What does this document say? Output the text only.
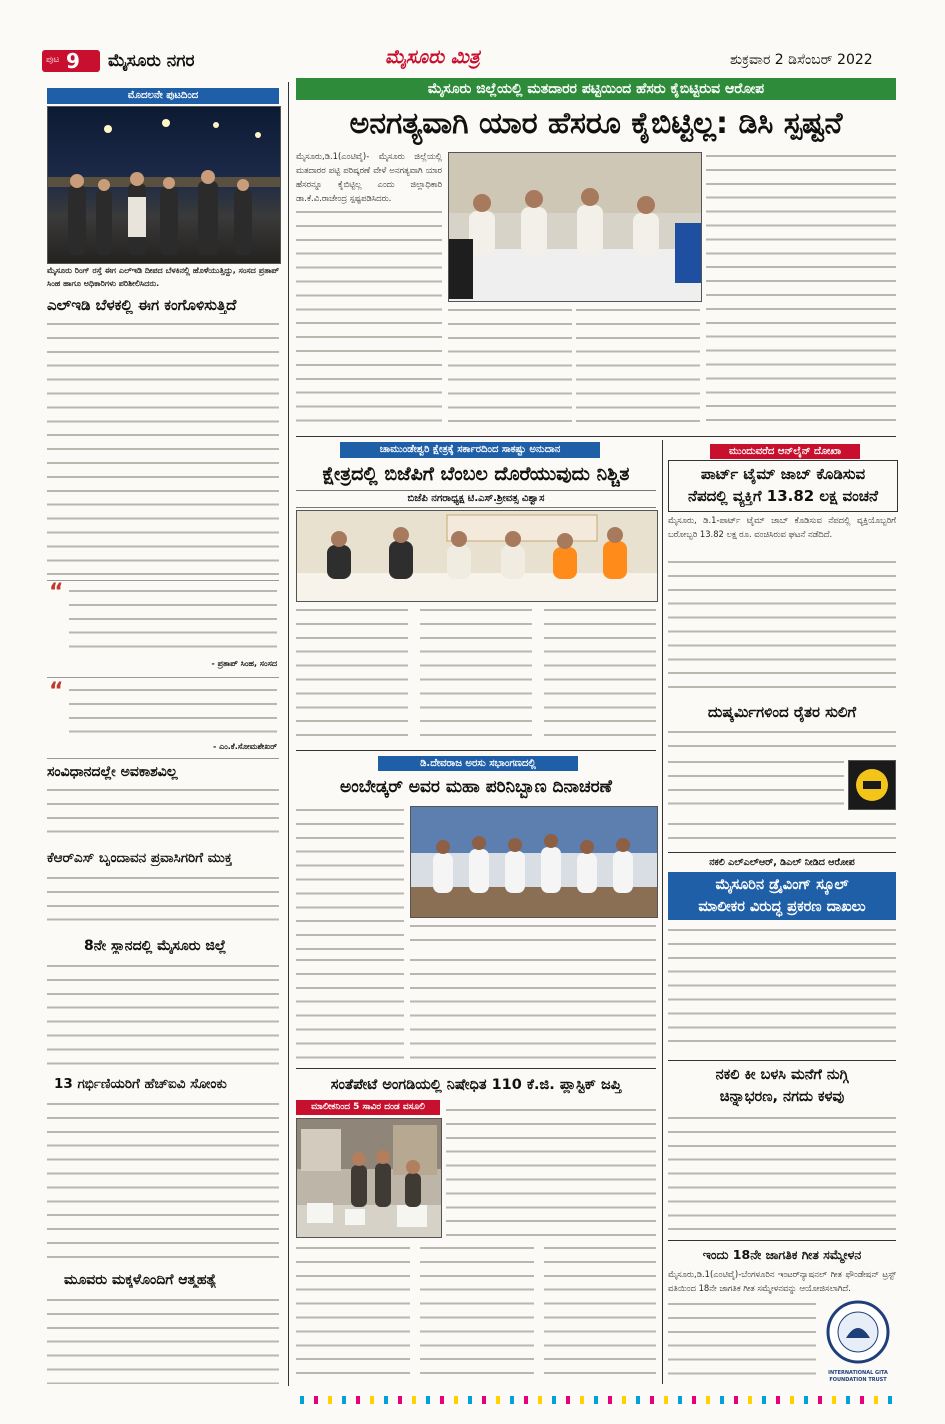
ಪುಟ 9 ಮೈಸೂರು ನಗರ	ಮೈಸೂರು ಮಿತ್ರ	ಶುಕ್ರವಾರ 2 ಡಿಸೆಂಬರ್ 2022
ಮೊದಲನೇ ಪುಟದಿಂದ
ಮೈಸೂರು ರಿಂಗ್ ರಸ್ತೆ ಈಗ ಎಲ್‌ಇಡಿ ದೀಪದ ಬೆಳಕಿನಲ್ಲಿ ಹೊಳೆಯುತ್ತಿದ್ದು, ಸಂಸದ ಪ್ರತಾಪ್ ಸಿಂಹ ಹಾಗೂ ಅಧಿಕಾರಿಗಳು ಪರಿಶೀಲಿಸಿದರು.
ಎಲ್‌ಇಡಿ ಬೆಳಕಲ್ಲಿ ಈಗ ಕಂಗೊಳಿಸುತ್ತಿದೆ
“
- ಪ್ರತಾಪ್ ಸಿಂಹ, ಸಂಸದ
“
- ಎಂ.ಕೆ.ಸೋಮಶೇಖರ್
ಸಂವಿಧಾನದಲ್ಲೇ ಅವಕಾಶವಿಲ್ಲ
ಕೆಆರ್‌ಎಸ್ ಬೃಂದಾವನ ಪ್ರವಾಸಿಗರಿಗೆ ಮುಕ್ತ
8ನೇ ಸ್ಥಾನದಲ್ಲಿ ಮೈಸೂರು ಜಿಲ್ಲೆ
13 ಗರ್ಭಿಣಿಯರಿಗೆ ಹೆಚ್‌ಐವಿ ಸೋಂಕು
ಮೂವರು ಮಕ್ಕಳೊಂದಿಗೆ ಆತ್ಮಹತ್ಯೆ
ಮೈಸೂರು ಜಿಲ್ಲೆಯಲ್ಲಿ ಮತದಾರರ ಪಟ್ಟಿಯಿಂದ ಹೆಸರು ಕೈಬಿಟ್ಟಿರುವ ಆರೋಪ
ಅನಗತ್ಯವಾಗಿ ಯಾರ ಹೆಸರೂ ಕೈಬಿಟ್ಟಿಲ್ಲ: ಡಿಸಿ ಸ್ಪಷ್ಟನೆ
ಮೈಸೂರು,ಡಿ.1(ಎಂಟಿವೈ)- ಮೈಸೂರು ಜಿಲ್ಲೆಯಲ್ಲಿ ಮತದಾರರ ಪಟ್ಟಿ ಪರಿಷ್ಕರಣೆ ವೇಳೆ ಅನಗತ್ಯವಾಗಿ ಯಾರ ಹೆಸರನ್ನೂ ಕೈಬಿಟ್ಟಿಲ್ಲ ಎಂದು ಜಿಲ್ಲಾಧಿಕಾರಿ ಡಾ.ಕೆ.ವಿ.ರಾಜೇಂದ್ರ ಸ್ಪಷ್ಟಪಡಿಸಿದರು.
ಚಾಮುಂಡೇಶ್ವರಿ ಕ್ಷೇತ್ರಕ್ಕೆ ಸರ್ಕಾರದಿಂದ ಸಾಕಷ್ಟು ಅನುದಾನ
ಕ್ಷೇತ್ರದಲ್ಲಿ ಬಿಜೆಪಿಗೆ ಬೆಂಬಲ ದೊರೆಯುವುದು ನಿಶ್ಚಿತ
ಬಿಜೆಪಿ ನಗರಾಧ್ಯಕ್ಷ ಟಿ.ಎಸ್.ಶ್ರೀವತ್ಸ ವಿಶ್ವಾಸ
ಡಿ.ದೇವರಾಜ ಅರಸು ಸಭಾಂಗಣದಲ್ಲಿ
ಅಂಬೇಡ್ಕರ್ ಅವರ ಮಹಾ ಪರಿನಿಬ್ಬಾಣ ದಿನಾಚರಣೆ
ಸಂತೆಪೇಟೆ ಅಂಗಡಿಯಲ್ಲಿ ನಿಷೇಧಿತ 110 ಕೆ.ಜಿ. ಪ್ಲಾಸ್ಟಿಕ್ ಜಪ್ತಿ
ಮಾಲೀಕನಿಂದ 5 ಸಾವಿರ ದಂಡ ವಸೂಲಿ
ಮುಂದುವರೆದ ಆನ್‌ಲೈನ್ ದೋಖಾ
ಪಾರ್ಟ್ ಟೈಮ್ ಜಾಬ್ ಕೊಡಿಸುವ
ನೆಪದಲ್ಲಿ ವ್ಯಕ್ತಿಗೆ 13.82 ಲಕ್ಷ ವಂಚನೆ
ಮೈಸೂರು, ಡಿ.1-ಪಾರ್ಟ್ ಟೈಮ್ ಜಾಬ್ ಕೊಡಿಸುವ ನೆಪದಲ್ಲಿ ವ್ಯಕ್ತಿಯೊಬ್ಬರಿಗೆ ಬರೋಬ್ಬರಿ 13.82 ಲಕ್ಷ ರೂ. ವಂಚಿಸಿರುವ ಘಟನೆ ನಡೆದಿದೆ.
ದುಷ್ಕರ್ಮಿಗಳಿಂದ ರೈತರ ಸುಲಿಗೆ
ನಕಲಿ ಎಲ್‌ಎಲ್‌ಆರ್, ಡಿಎಲ್ ನೀಡಿದ ಆರೋಪ
ಮೈಸೂರಿನ ಡ್ರೈವಿಂಗ್ ಸ್ಕೂಲ್
ಮಾಲೀಕರ ವಿರುದ್ಧ ಪ್ರಕರಣ ದಾಖಲು
ನಕಲಿ ಕೀ ಬಳಸಿ ಮನೆಗೆ ನುಗ್ಗಿ
ಚಿನ್ನಾಭರಣ, ನಗದು ಕಳವು
ಇಂದು 18ನೇ ಜಾಗತಿಕ ಗೀತ ಸಮ್ಮೇಳನ
ಮೈಸೂರು,ಡಿ.1(ಎಂಟಿವೈ)-ಬೆಂಗಳೂರಿನ ಇಂಟರ್‌ನ್ಯಾಷನಲ್ ಗೀತ ಫೌಂಡೇಷನ್ ಟ್ರಸ್ಟ್ ವತಿಯಿಂದ 18ನೇ ಜಾಗತಿಕ ಗೀತ ಸಮ್ಮೇಳನವನ್ನು ಆಯೋಜಿಸಲಾಗಿದೆ.
INTERNATIONAL GITA FOUNDATION TRUST
